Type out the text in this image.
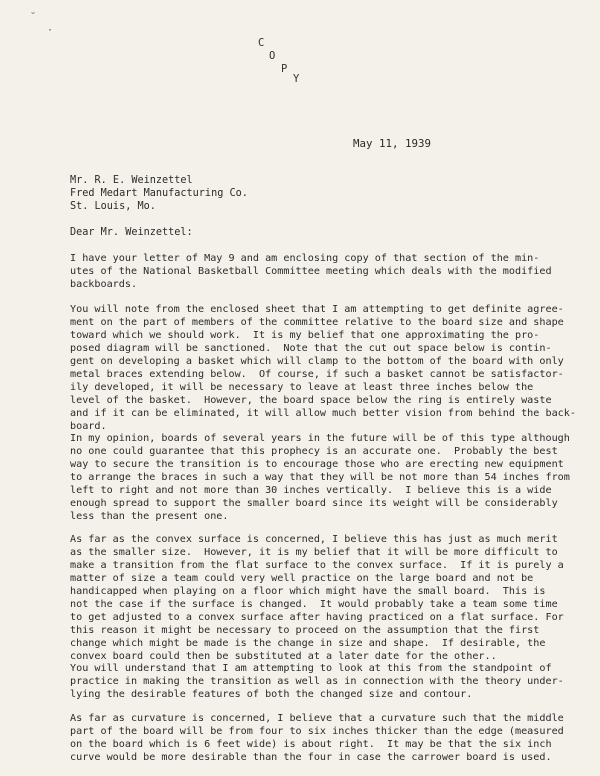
˘
·
C
O
P
Y
May 11, 1939
Mr. R. E. Weinzettel
Fred Medart Manufacturing Co.
St. Louis, Mo.
Dear Mr. Weinzettel:
I have your letter of May 9 and am enclosing copy of that section of the min-
utes of the National Basketball Committee meeting which deals with the modified
backboards.
You will note from the enclosed sheet that I am attempting to get definite agree-
ment on the part of members of the committee relative to the board size and shape
toward which we should work.  It is my belief that one approximating the pro-
posed diagram will be sanctioned.  Note that the cut out space below is contin-
gent on developing a basket which will clamp to the bottom of the board with only
metal braces extending below.  Of course, if such a basket cannot be satisfactor-
ily developed, it will be necessary to leave at least three inches below the
level of the basket.  However, the board space below the ring is entirely waste
and if it can be eliminated, it will allow much better vision from behind the back-
board.
In my opinion, boards of several years in the future will be of this type although
no one could guarantee that this prophecy is an accurate one.  Probably the best
way to secure the transition is to encourage those who are erecting new equipment
to arrange the braces in such a way that they will be not more than 54 inches from
left to right and not more than 30 inches vertically.  I believe this is a wide
enough spread to support the smaller board since its weight will be considerably
less than the present one.
As far as the convex surface is concerned, I believe this has just as much merit
as the smaller size.  However, it is my belief that it will be more difficult to
make a transition from the flat surface to the convex surface.  If it is purely a
matter of size a team could very well practice on the large board and not be
handicapped when playing on a floor which might have the small board.  This is
not the case if the surface is changed.  It would probably take a team some time
to get adjusted to a convex surface after having practiced on a flat surface. For
this reason it might be necessary to proceed on the assumption that the first
change which might be made is the change in size and shape.  If desirable, the
convex board could then be substituted at a later date for the other..
You will understand that I am attempting to look at this from the standpoint of
practice in making the transition as well as in connection with the theory under-
lying the desirable features of both the changed size and contour.
As far as curvature is concerned, I believe that a curvature such that the middle
part of the board will be from four to six inches thicker than the edge (measured
on the board which is 6 feet wide) is about right.  It may be that the six inch
curve would be more desirable than the four in case the carrower board is used.
